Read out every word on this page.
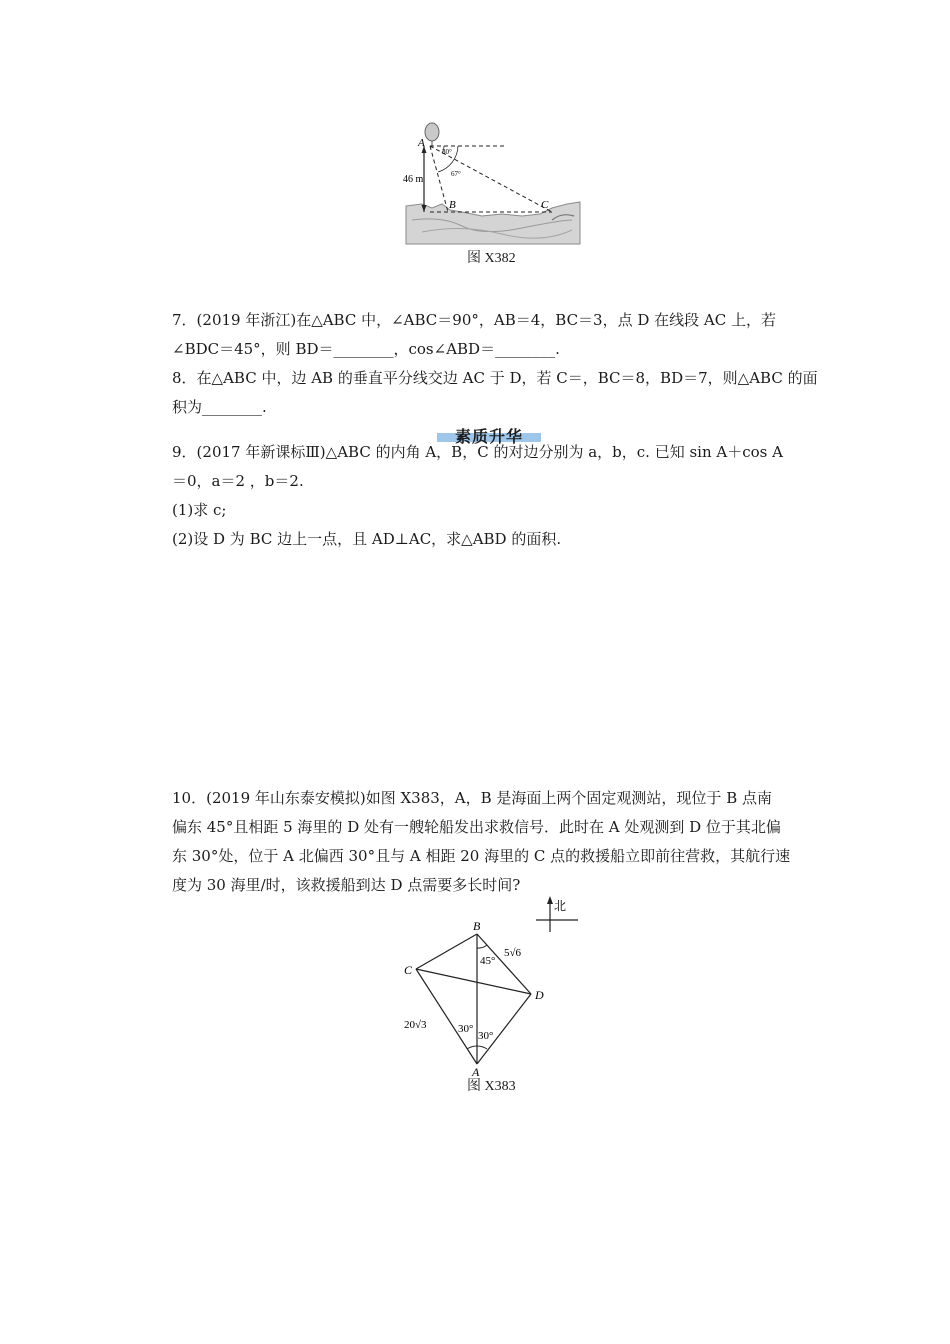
A
B	C
46 m
30°
67°
图 X382
7．(2019 年浙江)在△ABC 中，∠ABC＝90°，AB＝4，BC＝3，点 D 在线段 AC 上，若
∠BDC＝45°，则 BD＝________，cos∠ABD＝________.
8．在△ABC 中，边 AB 的垂直平分线交边 AC 于 D，若 C＝，BC＝8，BD＝7，则△ABC 的面
积为________.
素质升华
9．(2017 年新课标Ⅲ)△ABC 的内角 A，B，C 的对边分别为 a，b，c. 已知 sin A＋cos A
＝0，a＝2 ，b＝2.
(1)求 c;
(2)设 D 为 BC 边上一点，且 AD⊥AC，求△ABD 的面积.
10．(2019 年山东泰安模拟)如图 X383，A，B 是海面上两个固定观测站，现位于 B 点南
偏东 45°且相距 5 海里的 D 处有一艘轮船发出求救信号．此时在 A 处观测到 D 位于其北偏
东 30°处，位于 A 北偏西 30°且与 A 相距 20 海里的 C 点的救援船立即前往营救，其航行速
度为 30 海里/时，该救援船到达 D 点需要多长时间?
北
B
C
D
A
5√6
20√3
45°
30°
30°
图 X383
